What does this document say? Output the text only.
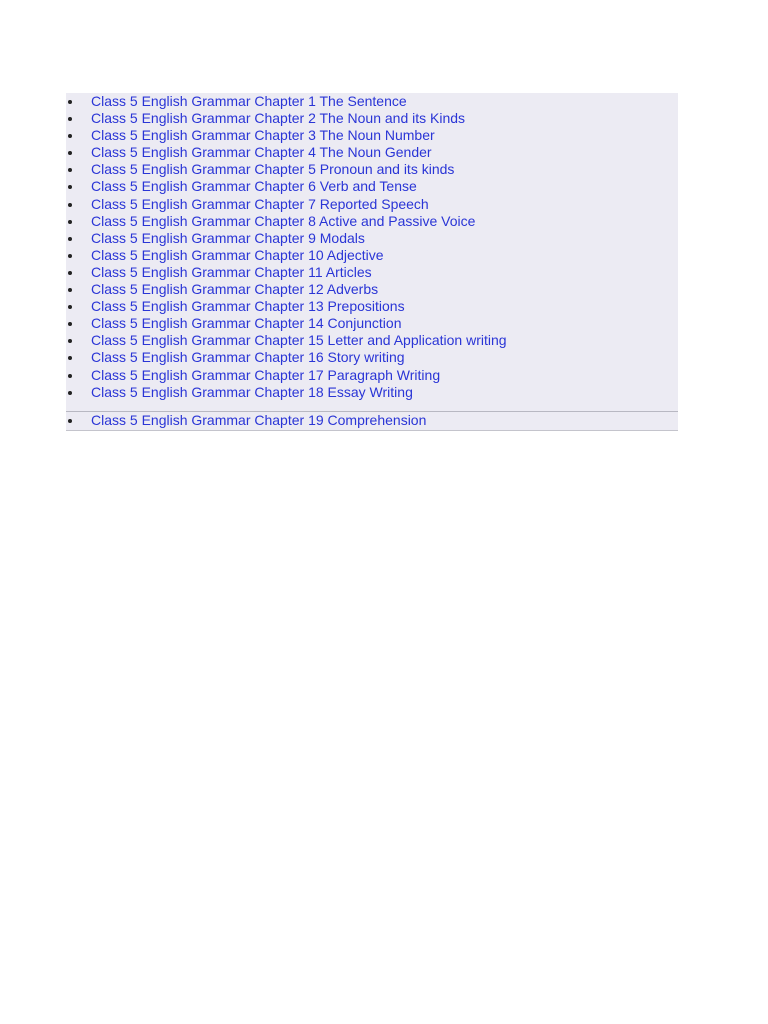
Class 5 English Grammar Chapter 1 The Sentence
Class 5 English Grammar Chapter 2 The Noun and its Kinds
Class 5 English Grammar Chapter 3 The Noun Number
Class 5 English Grammar Chapter 4 The Noun Gender
Class 5 English Grammar Chapter 5 Pronoun and its kinds
Class 5 English Grammar Chapter 6 Verb and Tense
Class 5 English Grammar Chapter 7 Reported Speech
Class 5 English Grammar Chapter 8 Active and Passive Voice
Class 5 English Grammar Chapter 9 Modals
Class 5 English Grammar Chapter 10 Adjective
Class 5 English Grammar Chapter 11 Articles
Class 5 English Grammar Chapter 12 Adverbs
Class 5 English Grammar Chapter 13 Prepositions
Class 5 English Grammar Chapter 14 Conjunction
Class 5 English Grammar Chapter 15 Letter and Application writing
Class 5 English Grammar Chapter 16 Story writing
Class 5 English Grammar Chapter 17 Paragraph Writing
Class 5 English Grammar Chapter 18 Essay Writing
Class 5 English Grammar Chapter 19 Comprehension
